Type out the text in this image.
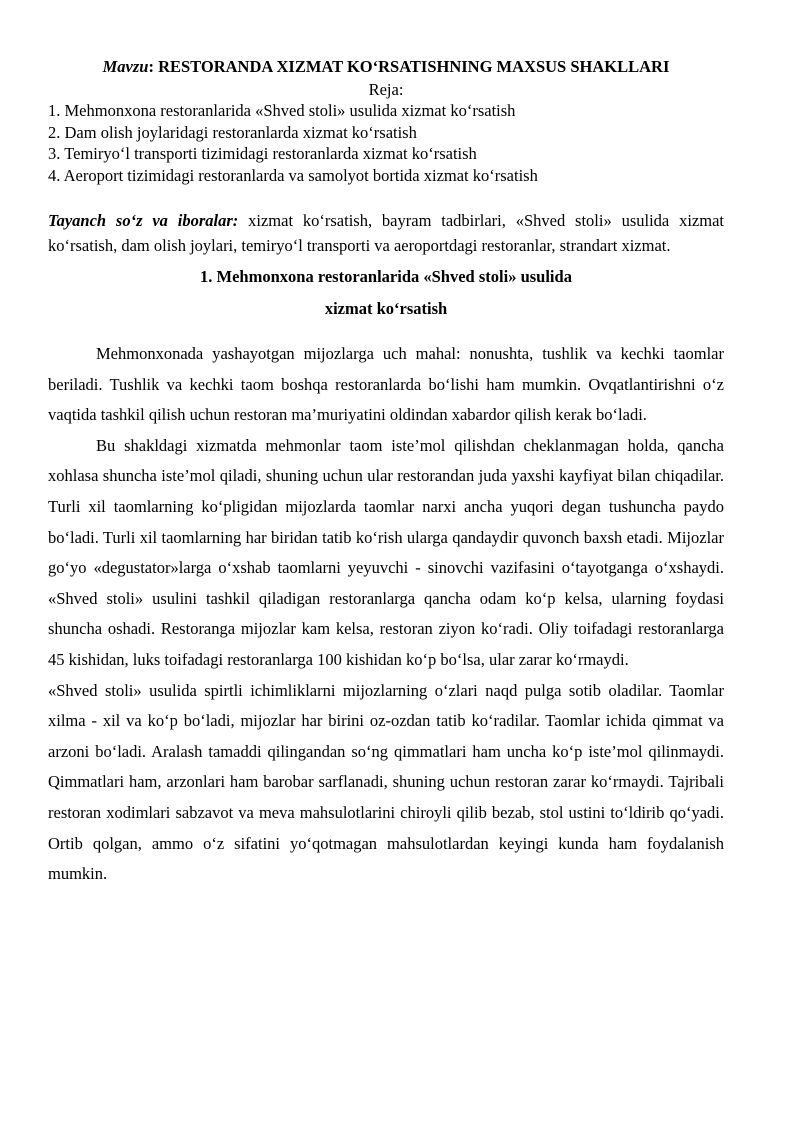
Mavzu: RESTORANDA XIZMAT KO‘RSATISHNING MAXSUS SHAKLLARI
Reja:
1. Mehmonxona restoranlarida «Shved stoli» usulida xizmat ko‘rsatish
2. Dam olish joylaridagi restoranlarda xizmat ko‘rsatish
3. Temiryo‘l transporti tizimidagi restoranlarda xizmat ko‘rsatish
4. Aeroport tizimidagi restoranlarda va samolyot bortida xizmat ko‘rsatish

Tayanch so‘z va iboralar: xizmat ko‘rsatish, bayram tadbirlari, «Shved stoli» usulida xizmat ko‘rsatish, dam olish joylari, temiryo‘l transporti va aeroportdagi restoranlar, strandart xizmat.

1. Mehmonxona restoranlarida «Shved stoli» usulida
xizmat ko‘rsatish

Mehmonxonada yashayotgan mijozlarga uch mahal: nonushta, tushlik va kechki taomlar beriladi. Tushlik va kechki taom boshqa restoranlarda bo‘lishi ham mumkin. Ovqatlantirishni o‘z vaqtida tashkil qilish uchun restoran ma’muriyatini oldindan xabardor qilish kerak bo‘ladi.

Bu shakldagi xizmatda mehmonlar taom iste’mol qilishdan cheklanmagan holda, qancha xohlasa shuncha iste’mol qiladi, shuning uchun ular restorandan juda yaxshi kayfiyat bilan chiqadilar. Turli xil taomlarning ko‘pligidan mijozlarda taomlar narxi ancha yuqori degan tushuncha paydo bo‘ladi. Turli xil taomlarning har biridan tatib ko‘rish ularga qandaydir quvonch baxsh etadi. Mijozlar go‘yo «degustator»larga o‘xshab taomlarni yeyuvchi - sinovchi vazifasini o‘tayotganga o‘xshaydi. «Shved stoli» usulini tashkil qiladigan restoranlarga qancha odam ko‘p kelsa, ularning foydasi shuncha oshadi. Restoranga mijozlar kam kelsa, restoran ziyon ko‘radi. Oliy toifadagi restoranlarga 45 kishidan, luks toifadagi restoranlarga 100 kishidan ko‘p bo‘lsa, ular zarar ko‘rmaydi.

«Shved stoli» usulida spirtli ichimliklarni mijozlarning o‘zlari naqd pulga sotib oladilar. Taomlar xilma - xil va ko‘p bo‘ladi, mijozlar har birini oz-ozdan tatib ko‘radilar. Taomlar ichida qimmat va arzoni bo‘ladi. Aralash tamaddi qilingandan so‘ng qimmatlari ham uncha ko‘p iste’mol qilinmaydi. Qimmatlari ham, arzonlari ham barobar sarflanadi, shuning uchun restoran zarar ko‘rmaydi. Tajribali restoran xodimlari sabzavot va meva mahsulotlarini chiroyli qilib bezab, stol ustini to‘ldirib qo‘yadi. Ortib qolgan, ammo o‘z sifatini yo‘qotmagan mahsulotlardan keyingi kunda ham foydalanish mumkin.
